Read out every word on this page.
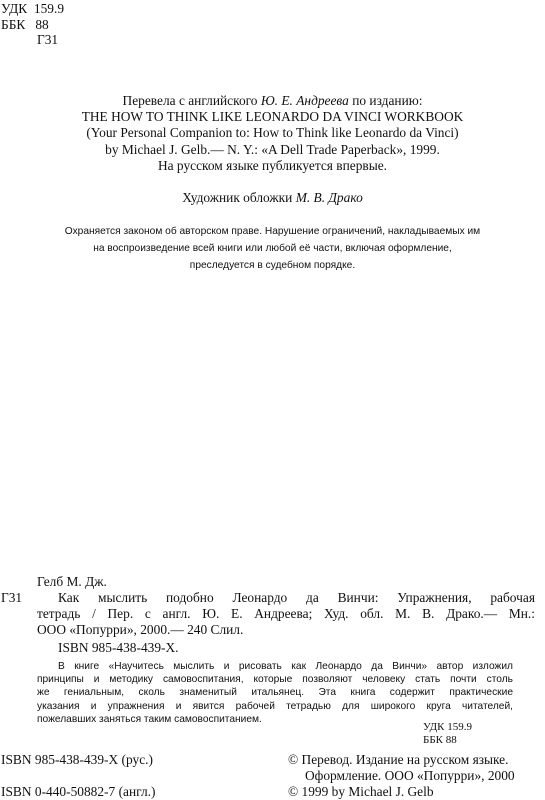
УДК 159.9
ББК 88
Г31
Перевела с английского Ю. Е. Андреева по изданию:
THE HOW TO THINK LIKE LEONARDO DA VINCI WORKBOOK
(Your Personal Companion to: How to Think like Leonardo da Vinci)
by Michael J. Gelb.— N. Y.: «A Dell Trade Paperback», 1999.
На русском языке публикуется впервые.
Художник обложки М. В. Драко
Охраняется законом об авторском праве. Нарушение ограничений, накладываемых им
на воспроизведение всей книги или любой её части, включая оформление,
преследуется в судебном порядке.
Гелб М. Дж.
Г31	Как мыслить подобно Леонардо да Винчи: Упражнения, рабочая
тетрадь / Пер. с англ. Ю. Е. Андреева; Худ. обл. М. В. Драко.— Мн.:
ООО «Попурри», 2000.— 240 Слил.
ISBN 985-438-439-X.
В книге «Научитесь мыслить и рисовать как Леонардо да Винчи» автор изложил
принципы и методику самовоспитания, которые позволяют человеку стать почти столь
же гениальным, сколь знаменитый итальянец. Эта книга содержит практические
указания и упражнения и явится рабочей тетрадью для широкого круга читателей,
пожелавших заняться таким самовоспитанием.
УДК 159.9
ББК 88
ISBN 985-438-439-X (рус.)
ISBN 0-440-50882-7 (англ.)
© Перевод. Издание на русском языке.
Оформление. ООО «Попурри», 2000
© 1999 by Michael J. Gelb
